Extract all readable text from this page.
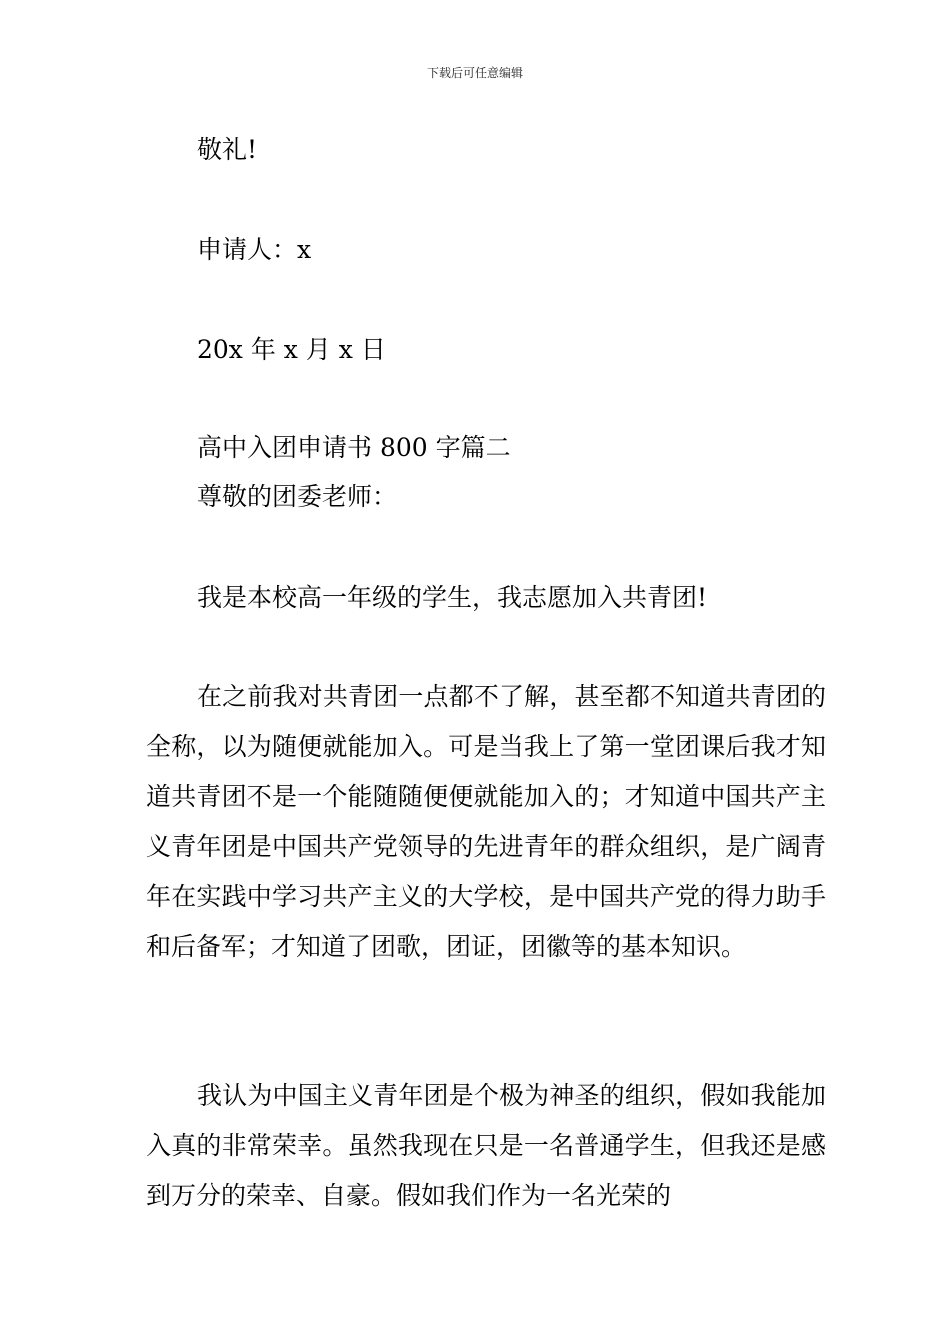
下载后可任意编辑
敬礼!
申请人：x
20x 年 x 月 x 日
高中入团申请书 800 字篇二
尊敬的团委老师：
我是本校高一年级的学生，我志愿加入共青团!

在之前我对共青团一点都不了解，甚至都不知道共青团的全称，以为随便就能加入。可是当我上了第一堂团课后我才知道共青团不是一个能随随便便就能加入的；才知道中国共产主义青年团是中国共产党领导的先进青年的群众组织，是广阔青年在实践中学习共产主义的大学校，是中国共产党的得力助手和后备军；才知道了团歌，团证，团徽等的基本知识。

我认为中国主义青年团是个极为神圣的组织，假如我能加入真的非常荣幸。虽然我现在只是一名普通学生，但我还是感到万分的荣幸、自豪。假如我们作为一名光荣的
